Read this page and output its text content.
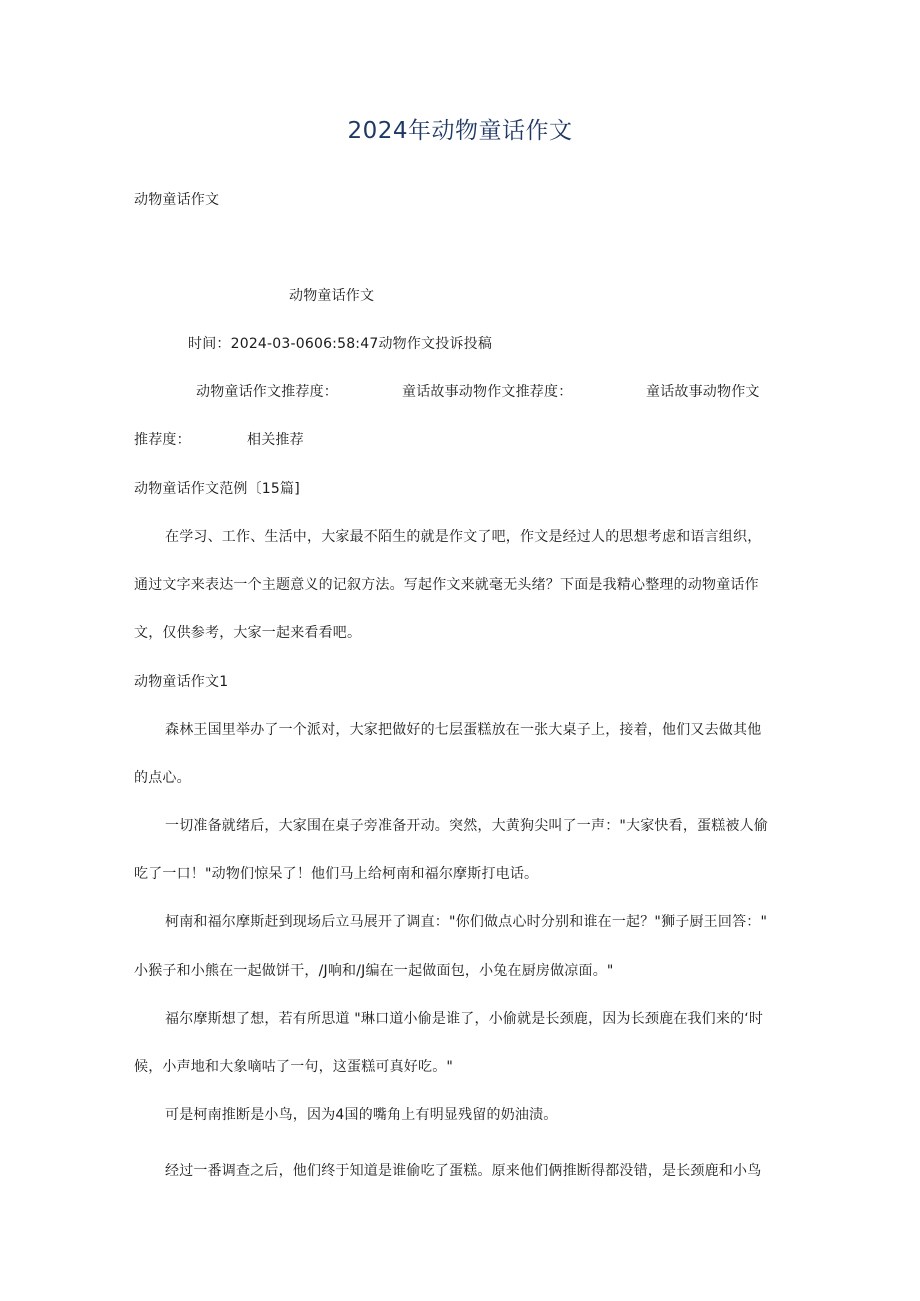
2024年动物童话作文
动物童话作文
动物童话作文
时间：2024-03-0606:58:47动物作文投诉投稿
动物童话作文推荐度：	童话故事动物作文推荐度：	童话故事动物作文
推荐度：	相关推荐
动物童话作文范例〔15篇]
在学习、工作、生活中，大家最不陌生的就是作文了吧，作文是经过人的思想考虑和语言组织，
通过文字来表达一个主题意义的记叙方法。写起作文来就毫无头绪？下面是我精心整理的动物童话作
文，仅供参考，大家一起来看看吧。
动物童话作文1
森林王国里举办了一个派对，大家把做好的七层蛋糕放在一张大桌子上，接着，他们又去做其他
的点心。
一切准备就绪后，大家围在桌子旁准备开动。突然，大黄狗尖叫了一声："大家快看，蛋糕被人偷
吃了一口！"动物们惊呆了！他们马上给柯南和福尔摩斯打电话。
柯南和福尔摩斯赶到现场后立马展开了调直："你们做点心时分别和谁在一起？"狮子厨王回答："
小猴子和小熊在一起做饼干，/J响和/J编在一起做面包，小兔在厨房做凉面。"
福尔摩斯想了想，若有所思道 "琳口道小偷是谁了，小偷就是长颈鹿，因为长颈鹿在我们来的‘时
候，小声地和大象嘀咕了一句，这蛋糕可真好吃。"
可是柯南推断是小鸟，因为4国的嘴角上有明显残留的奶油渍。
经过一番调查之后，他们终于知道是谁偷吃了蛋糕。原来他们俩推断得都没错，是长颈鹿和小鸟
